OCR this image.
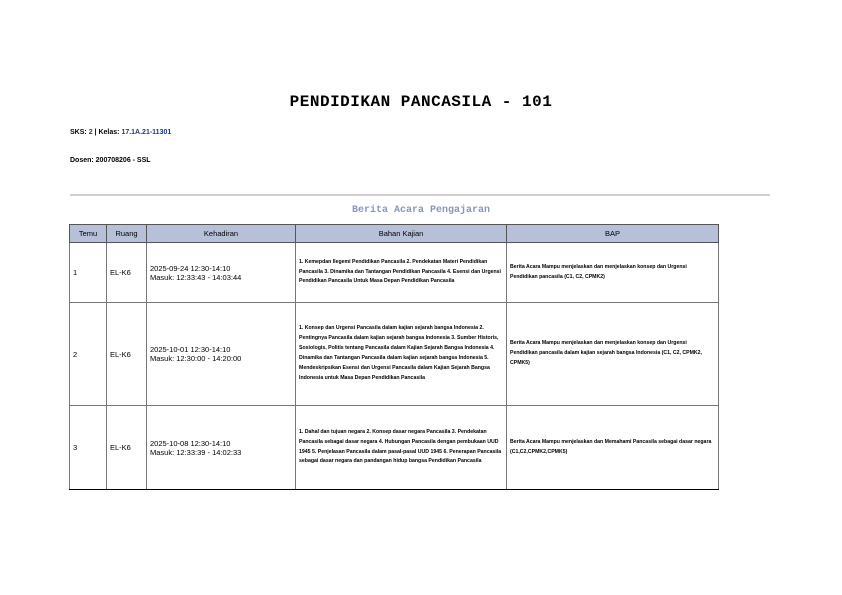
PENDIDIKAN PANCASILA - 101
SKS: 2 | Kelas: 17.1A.21-11301
Dosen: 200708206 - SSL
Berita Acara Pengajaran
Temu	Ruang	Kehadiran	Bahan Kajian	BAP
1	EL-K6	2025-09-24 12:30-14:10
Masuk: 12:33:43 - 14:03:44	1. Kemepdan Ilegemi Pendidikan Pancasila 2. Pendekatan Materi Pendidikan Pancasila 3. Dinamika dan Tantangan Pendidikan Pancasila 4. Esensi dan Urgensi Pendidikan Pancasila Untuk Masa Depan Pendidikan Pancasila	Berita Acara Mampu menjelaskan dan menjelaskan konsep dan Urgensi Pendidikan pancasila (C1, C2, CPMK2)
2	EL-K6	2025-10-01 12:30-14:10
Masuk: 12:30:00 - 14:20:00	1. Konsep dan Urgensi Pancasila dalam kajian sejarah bangsa Indonesia 2. Pentingnya Pancasila dalam kajian sejarah bangsa Indonesia 3. Sumber Historis, Sosiologis, Politis tentang Pancasila dalam Kajian Sejarah Bangsa Indonesia 4. Dinamika dan Tantangan Pancasila dalam kajian sejarah bangsa Indonesia 5. Mendeskripsikan Esensi dan Urgensi Pancasila dalam Kajian Sejarah Bangsa Indonesia untuk Masa Depan Pendidikan Pancasila	Berita Acara Mampu menjelaskan dan menjelaskan konsep dan Urgensi Pendidikan pancasila dalam kajian sejarah bangsa Indonesia (C1, C2, CPMK2, CPMK5)
3	EL-K6	2025-10-08 12:30-14:10
Masuk: 12:33:39 - 14:02:33	1. Dahal dan tujuan negara 2. Konsep dasar negara Pancasila 3. Pendekatan Pancasila sebagai dasar negara 4. Hubungan Pancasila dengan pembukaan UUD 1945 5. Penjelasan Pancasila dalam pasal-pasal UUD 1945 6. Penerapan Pancasila sebagai dasar negara dan pandangan hidup bangsa Pendidikan Pancasila	Berita Acara Mampu menjelaskan dan Memahami Pancasila sebagai dasar negara (C1,C2,CPMK2,CPMK5)
